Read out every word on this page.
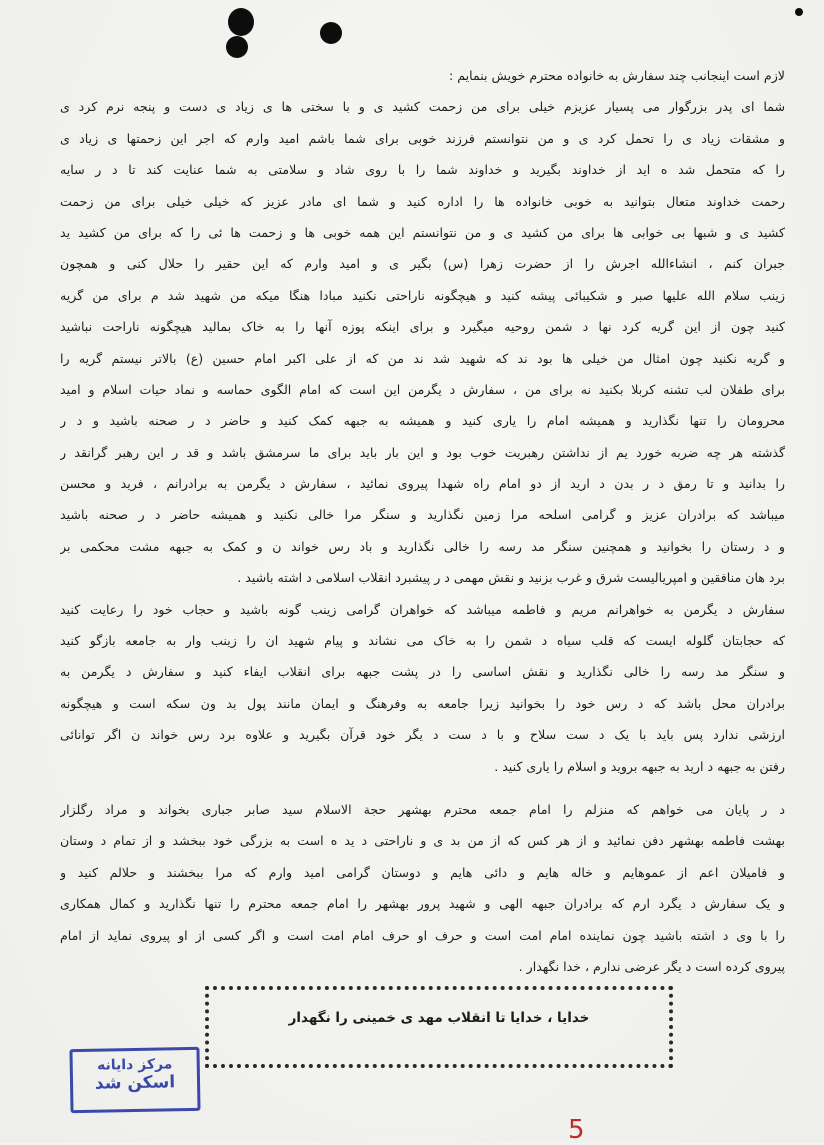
لازم است اینجانب چند سفارش به خانواده محترم خویش بنمایم :
شما ای پدر بزرگوار می پسیار عزیزم خیلی برای من زحمت کشید ی و با سختی ها ی زیاد ی دست و پنجه نرم کرد ی
و مشقات زیاد ی را تحمل کرد ی و من نتوانستم فرزند خوبی برای شما باشم امید وارم که اجر این زحمتها ی زیاد ی
را که متحمل شد ه اید از خداوند بگیرید و خداوند شما را با روی شاد و سلامتی به شما عنایت کند تا د ر سایه
رحمت خداوند متعال بتوانید به خوبی خانواده ها را اداره کنید و شما ای مادر عزیز که خیلی خیلی برای من زحمت
کشید ی و شبها بی خوابی ها برای من کشید ی و من نتوانستم این همه خوبی ها و زحمت ها ئی را که برای من کشید ید
جبران کنم ، انشاءالله اجرش را از حضرت زهرا (س) بگیر ی و امید وارم که این حقیر را حلال کنی و همچون
زینب سلام الله علیها صبر و شکیبائی پیشه کنید و هیچگونه ناراحتی نکنید مبادا هنگا میکه من شهید شد م برای من گریه
کنید چون از این گریه کرد نها د شمن روحیه میگیرد و برای اینکه پوزه آنها را به خاک بمالید هیچگونه ناراحت نباشید
و گریه نکنید چون امثال من خیلی ها بود ند که شهید شد ند من که از علی اکبر امام حسین (ع) بالاتر نیستم گریه را
برای طفلان لب تشنه کربلا بکنید نه برای من ، سفارش د یگرمن این است که امام الگوی حماسه و نماد حیات اسلام و امید
محرومان را تنها نگذارید و همیشه امام را یاری کنید و همیشه به جبهه کمک کنید و حاضر د ر صحنه باشید و د ر
گذشته هر چه ضربه خورد یم از نداشتن رهبریت خوب بود و این بار باید برای ما سرمشق باشد و قد ر این رهبر گرانقد ر
را بدانید و تا رمق د ر بدن د ارید از دو امام راه شهدا پیروی نمائید ، سفارش د یگرمن به برادرانم ، فرید و محسن
میباشد که برادران عزیز و گرامی اسلحه مرا زمین نگذارید و سنگر مرا خالی نکنید و همیشه حاضر د ر صحنه باشید
و د رستان را بخوانید و همچنین سنگر مد رسه را خالی نگذارید و باد رس خواند ن و کمک به جبهه مشت محکمی بر
برد هان منافقین و امپریالیست شرق و غرب بزنید و نقش مهمی د ر پیشبرد انقلاب اسلامی د اشته باشید .
سفارش د یگرمن به خواهرانم مریم و فاطمه میباشد که خواهران گرامی زینب گونه باشید و حجاب خود را رعایت کنید
که حجابتان گلوله ایست که قلب سیاه د شمن را به خاک می نشاند و پیام شهید ان را زینب وار به جامعه بازگو کنید
و سنگر مد رسه را خالی نگذارید و نقش اساسی را در پشت جبهه برای انقلاب ایفاء کنید و سفارش د یگرمن به
برادران محل باشد که د رس خود را بخوانید زیرا جامعه به وفرهنگ و ایمان مانند پول بد ون سکه است و هیچگونه
ارزشی ندارد پس باید با یک د ست سلاح و با د ست د یگر خود قرآن بگیرید و علاوه برد رس خواند ن اگر توانائی
رفتن به جبهه د ارید به جبهه بروید و اسلام را یاری کنید .
د ر پایان می خواهم که منزلم را امام جمعه محترم بهشهر حجة الاسلام سید صابر جباری بخواند و مراد رگلزار
بهشت فاطمه بهشهر دفن نمائید و از هر کس که از من بد ی و ناراحتی د ید ه است به بزرگی خود ببخشد و از تمام د وستان
و فامیلان اعم از عموهایم و خاله هایم و دائی هایم و دوستان گرامی امید وارم که مرا ببخشند و حلالم کنید و
و یک سفارش د یگرد ارم که برادران جبهه الهی و شهید پرور بهشهر را امام جمعه محترم را تنها نگذارید و کمال همکاری
را با وی د اشته باشید چون نماینده امام امت است و حرف او حرف امام امت است و اگر کسی از او پیروی نماید از امام
پیروی کرده است د یگر عرضی ندارم ، خدا نگهدار .
خدایا ، خدایا تا انقلاب مهد ی خمینی را نگهدار
مرکز دایانه
اسکن شد
5
